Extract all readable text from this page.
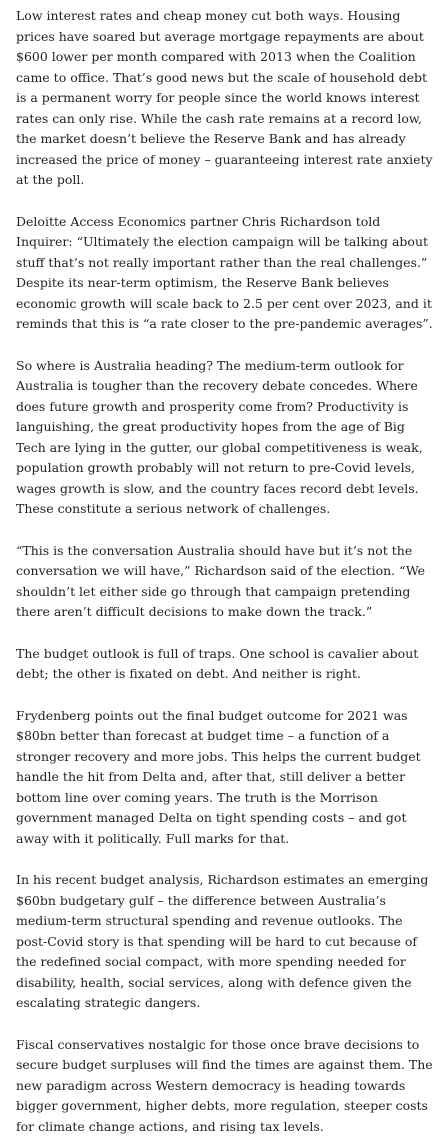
Low interest rates and cheap money cut both ways. Housing prices have soared but average mortgage repayments are about $600 lower per month compared with 2013 when the Coalition came to office. That’s good news but the scale of household debt is a permanent worry for people since the world knows interest rates can only rise. While the cash rate remains at a record low, the market doesn’t believe the Reserve Bank and has already increased the price of money – guaranteeing interest rate anxiety at the poll.

Deloitte Access Economics partner Chris Richardson told Inquirer: “Ultimately the election campaign will be talking about stuff that’s not really important rather than the real challenges.” Despite its near-term optimism, the Reserve Bank believes economic growth will scale back to 2.5 per cent over 2023, and it reminds that this is “a rate closer to the pre-pandemic averages”.

So where is Australia heading? The medium-term outlook for Australia is tougher than the recovery debate concedes. Where does future growth and prosperity come from? Productivity is languishing, the great productivity hopes from the age of Big Tech are lying in the gutter, our global competitiveness is weak, population growth probably will not return to pre-Covid levels, wages growth is slow, and the country faces record debt levels. These constitute a serious network of challenges.

“This is the conversation Australia should have but it’s not the conversation we will have,” Richardson said of the election. “We shouldn’t let either side go through that campaign pretending there aren’t difficult decisions to make down the track.”

The budget outlook is full of traps. One school is cavalier about debt; the other is fixated on debt. And neither is right.

Frydenberg points out the final budget outcome for 2021 was $80bn better than forecast at budget time – a function of a stronger recovery and more jobs. This helps the current budget handle the hit from Delta and, after that, still deliver a better bottom line over coming years. The truth is the Morrison government managed Delta on tight spending costs – and got away with it politically. Full marks for that.

In his recent budget analysis, Richardson estimates an emerging $60bn budgetary gulf – the difference between Australia’s medium-term structural spending and revenue outlooks. The post-Covid story is that spending will be hard to cut because of the redefined social compact, with more spending needed for disability, health, social services, along with defence given the escalating strategic dangers.

Fiscal conservatives nostalgic for those once brave decisions to secure budget surpluses will find the times are against them. The new paradigm across Western democracy is heading towards bigger government, higher debts, more regulation, steeper costs for climate change actions, and rising tax levels.
